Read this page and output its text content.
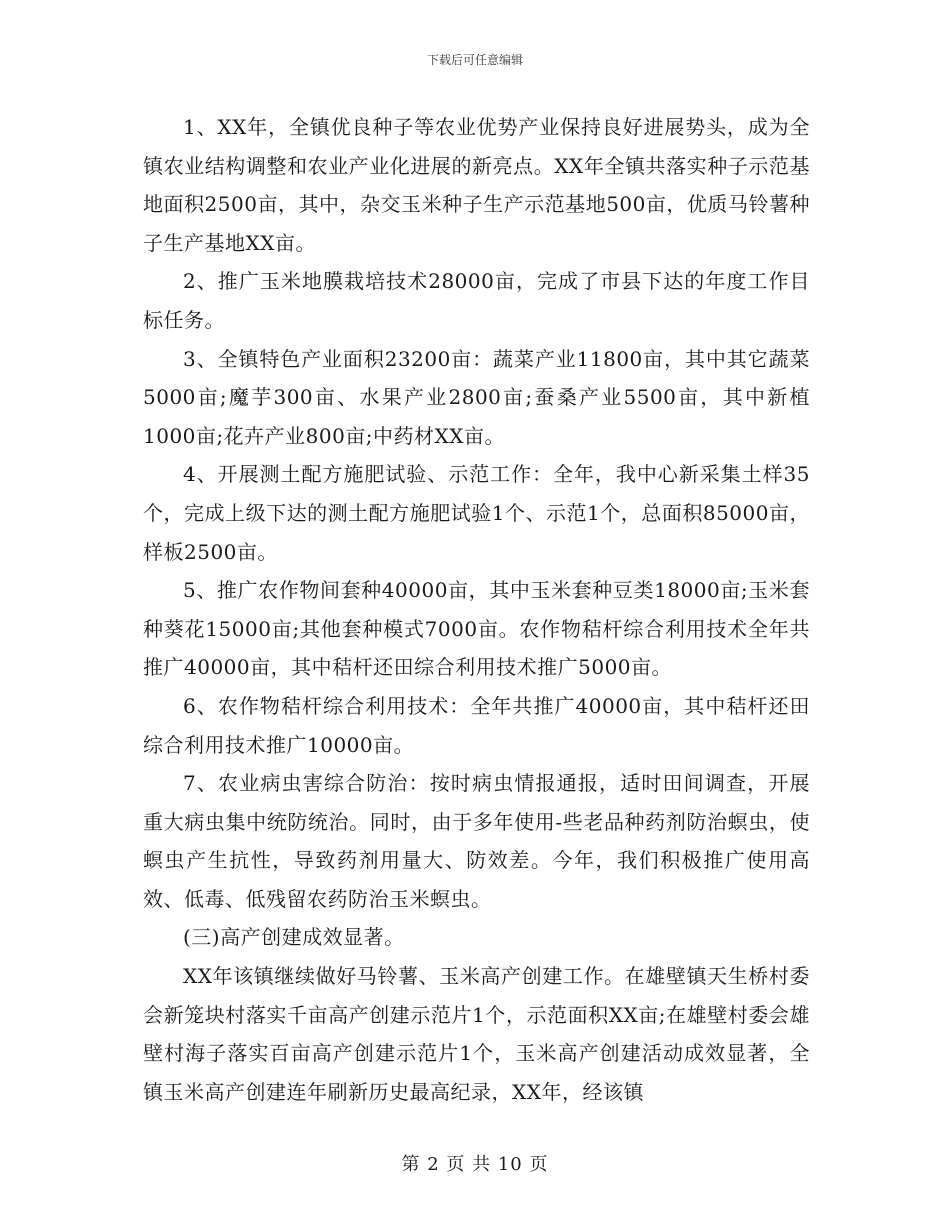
下载后可任意编辑

1、XX年，全镇优良种子等农业优势产业保持良好进展势头，成为全镇农业结构调整和农业产业化进展的新亮点。XX年全镇共落实种子示范基地面积2500亩，其中，杂交玉米种子生产示范基地500亩，优质马铃薯种子生产基地XX亩。

2、推广玉米地膜栽培技术28000亩，完成了市县下达的年度工作目标任务。

3、全镇特色产业面积23200亩：蔬菜产业11800亩，其中其它蔬菜5000亩;魔芋300亩、水果产业2800亩;蚕桑产业5500亩，其中新植1000亩;花卉产业800亩;中药材XX亩。

4、开展测土配方施肥试验、示范工作：全年，我中心新采集土样35个，完成上级下达的测土配方施肥试验1个、示范1个，总面积85000亩，样板2500亩。

5、推广农作物间套种40000亩，其中玉米套种豆类18000亩;玉米套种葵花15000亩;其他套种模式7000亩。农作物秸杆综合利用技术全年共推广40000亩，其中秸杆还田综合利用技术推广5000亩。

6、农作物秸杆综合利用技术：全年共推广40000亩，其中秸杆还田综合利用技术推广10000亩。

7、农业病虫害综合防治：按时病虫情报通报，适时田间调查，开展重大病虫集中统防统治。同时，由于多年使用-些老品种药剂防治螟虫，使螟虫产生抗性，导致药剂用量大、防效差。今年，我们积极推广使用高效、低毒、低残留农药防治玉米螟虫。

(三)高产创建成效显著。

XX年该镇继续做好马铃薯、玉米高产创建工作。在雄壁镇天生桥村委会新笼块村落实千亩高产创建示范片1个，示范面积XX亩;在雄壁村委会雄壁村海子落实百亩高产创建示范片1个，玉米高产创建活动成效显著，全镇玉米高产创建连年刷新历史最高纪录，XX年，经该镇

第 2 页 共 10 页
